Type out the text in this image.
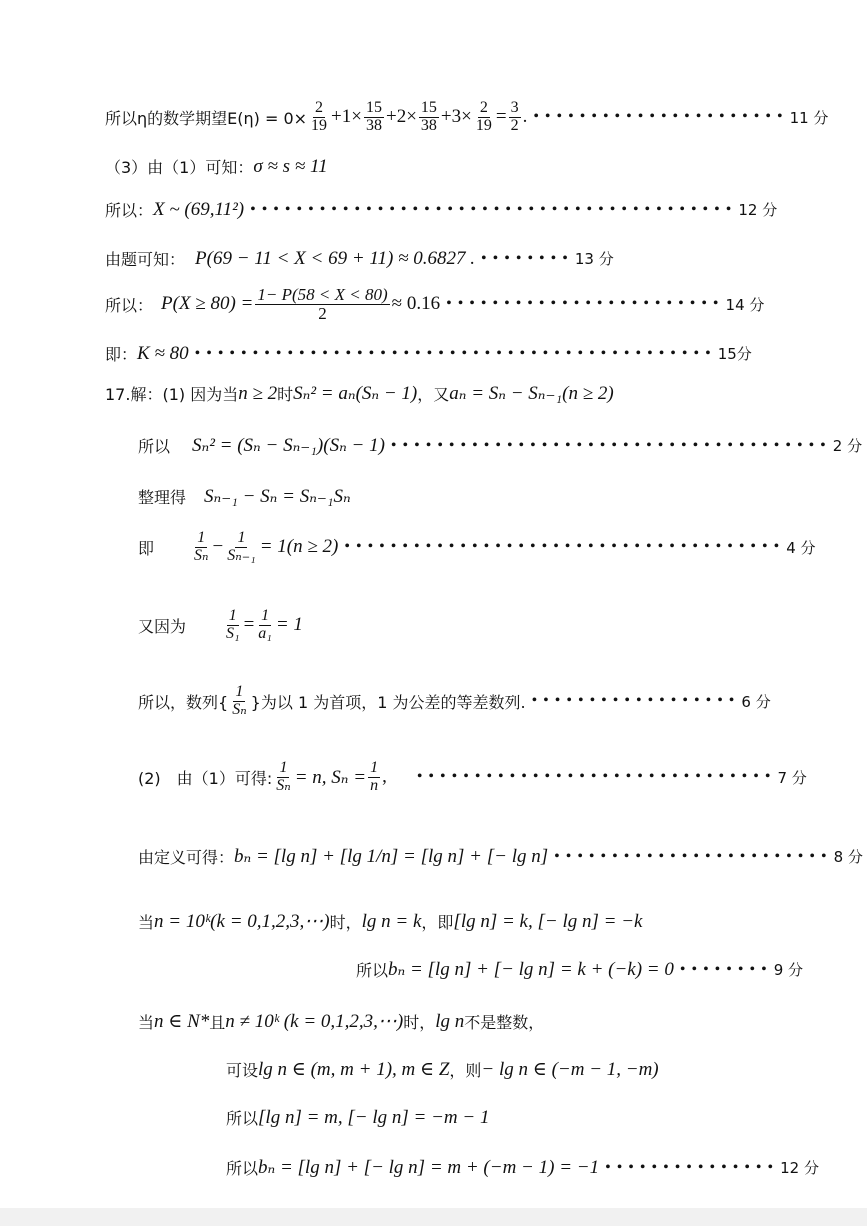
所以η的数学期望$E(\eta) = 0\times \frac{2}{19} +1\times \frac{15}{38} +2\times \frac{15}{38} +3\times \frac{2}{19} = \frac{3}{2}$ . • • • • • • • • • • • • • • • • • • • • • • 11 分
（3）由（1）可知： σ ≈ s ≈ 11
所以： X ~ (69,11²) • • • • • • • • • • • • • • • • • • • • • • • • • • • • • • • • • • • • • • • • • • 12 分
由题可知： P(69 − 11 < X < 69 + 11) ≈ 0.6827 . • • • • • • • • 13 分
所以： $P(X \ge 80) = \frac{1- P(58 < X < 80)}{2} \approx 0.16$ • • • • • • • • • • • • • • • • • • • • • • • • 14 分
即： K ≈ 80 • • • • • • • • • • • • • • • • • • • • • • • • • • • • • • • • • • • • • • • • • • • • • 15分
17.解：(1) 因为当 n ≥ 2 时 Sₙ² = aₙ(Sₙ − 1) ，又 aₙ = Sₙ − Sₙ₋₁(n ≥ 2)
所以 Sₙ² = (Sₙ − Sₙ₋₁)(Sₙ − 1) • • • • • • • • • • • • • • • • • • • • • • • • • • • • • • • • • • • • • • 2 分
整理得 Sₙ₋₁ − Sₙ = Sₙ₋₁Sₙ
即 $\frac{1}{\text{Sₙ}} - \frac{1}{\text{Sₙ₋₁}} = 1(n \ge 2)$ • • • • • • • • • • • • • • • • • • • • • • • • • • • • • • • • • • • • • • 4 分
又因为 $\frac{1}{\text{S₁}} = \frac{1}{\text{a₁}} = 1$
所以，数列{ $\frac{1}{\text{Sₙ}}$ }为以 1 为首项，1 为公差的等差数列. • • • • • • • • • • • • • • • • • • 6 分
(2)　由（1）可得: $\frac{1}{\text{Sₙ}} = n$, $S_n = \frac{1}{n}$ , • • • • • • • • • • • • • • • • • • • • • • • • • • • • • • • 7 分
由定义可得： bₙ = [lg n] + [lg 1/n] = [lg n] + [− lg n] • • • • • • • • • • • • • • • • • • • • • • • • 8 分
当 n = 10ᵏ(k = 0,1,2,3,⋯) 时， lg n = k ，即 [lg n] = k, [− lg n] = −k
所以 bₙ = [lg n] + [− lg n] = k + (−k) = 0 • • • • • • • • 9 分
当 n ∈ N* 且 n ≠ 10ᵏ (k = 0,1,2,3,⋯) 时， lg n 不是整数，
可设 lg n ∈ (m, m + 1), m ∈ Z ，则 − lg n ∈ (−m − 1, −m)
所以 [lg n] = m, [− lg n] = −m − 1
所以 bₙ = [lg n] + [− lg n] = m + (−m − 1) = −1 • • • • • • • • • • • • • • • 12 分
